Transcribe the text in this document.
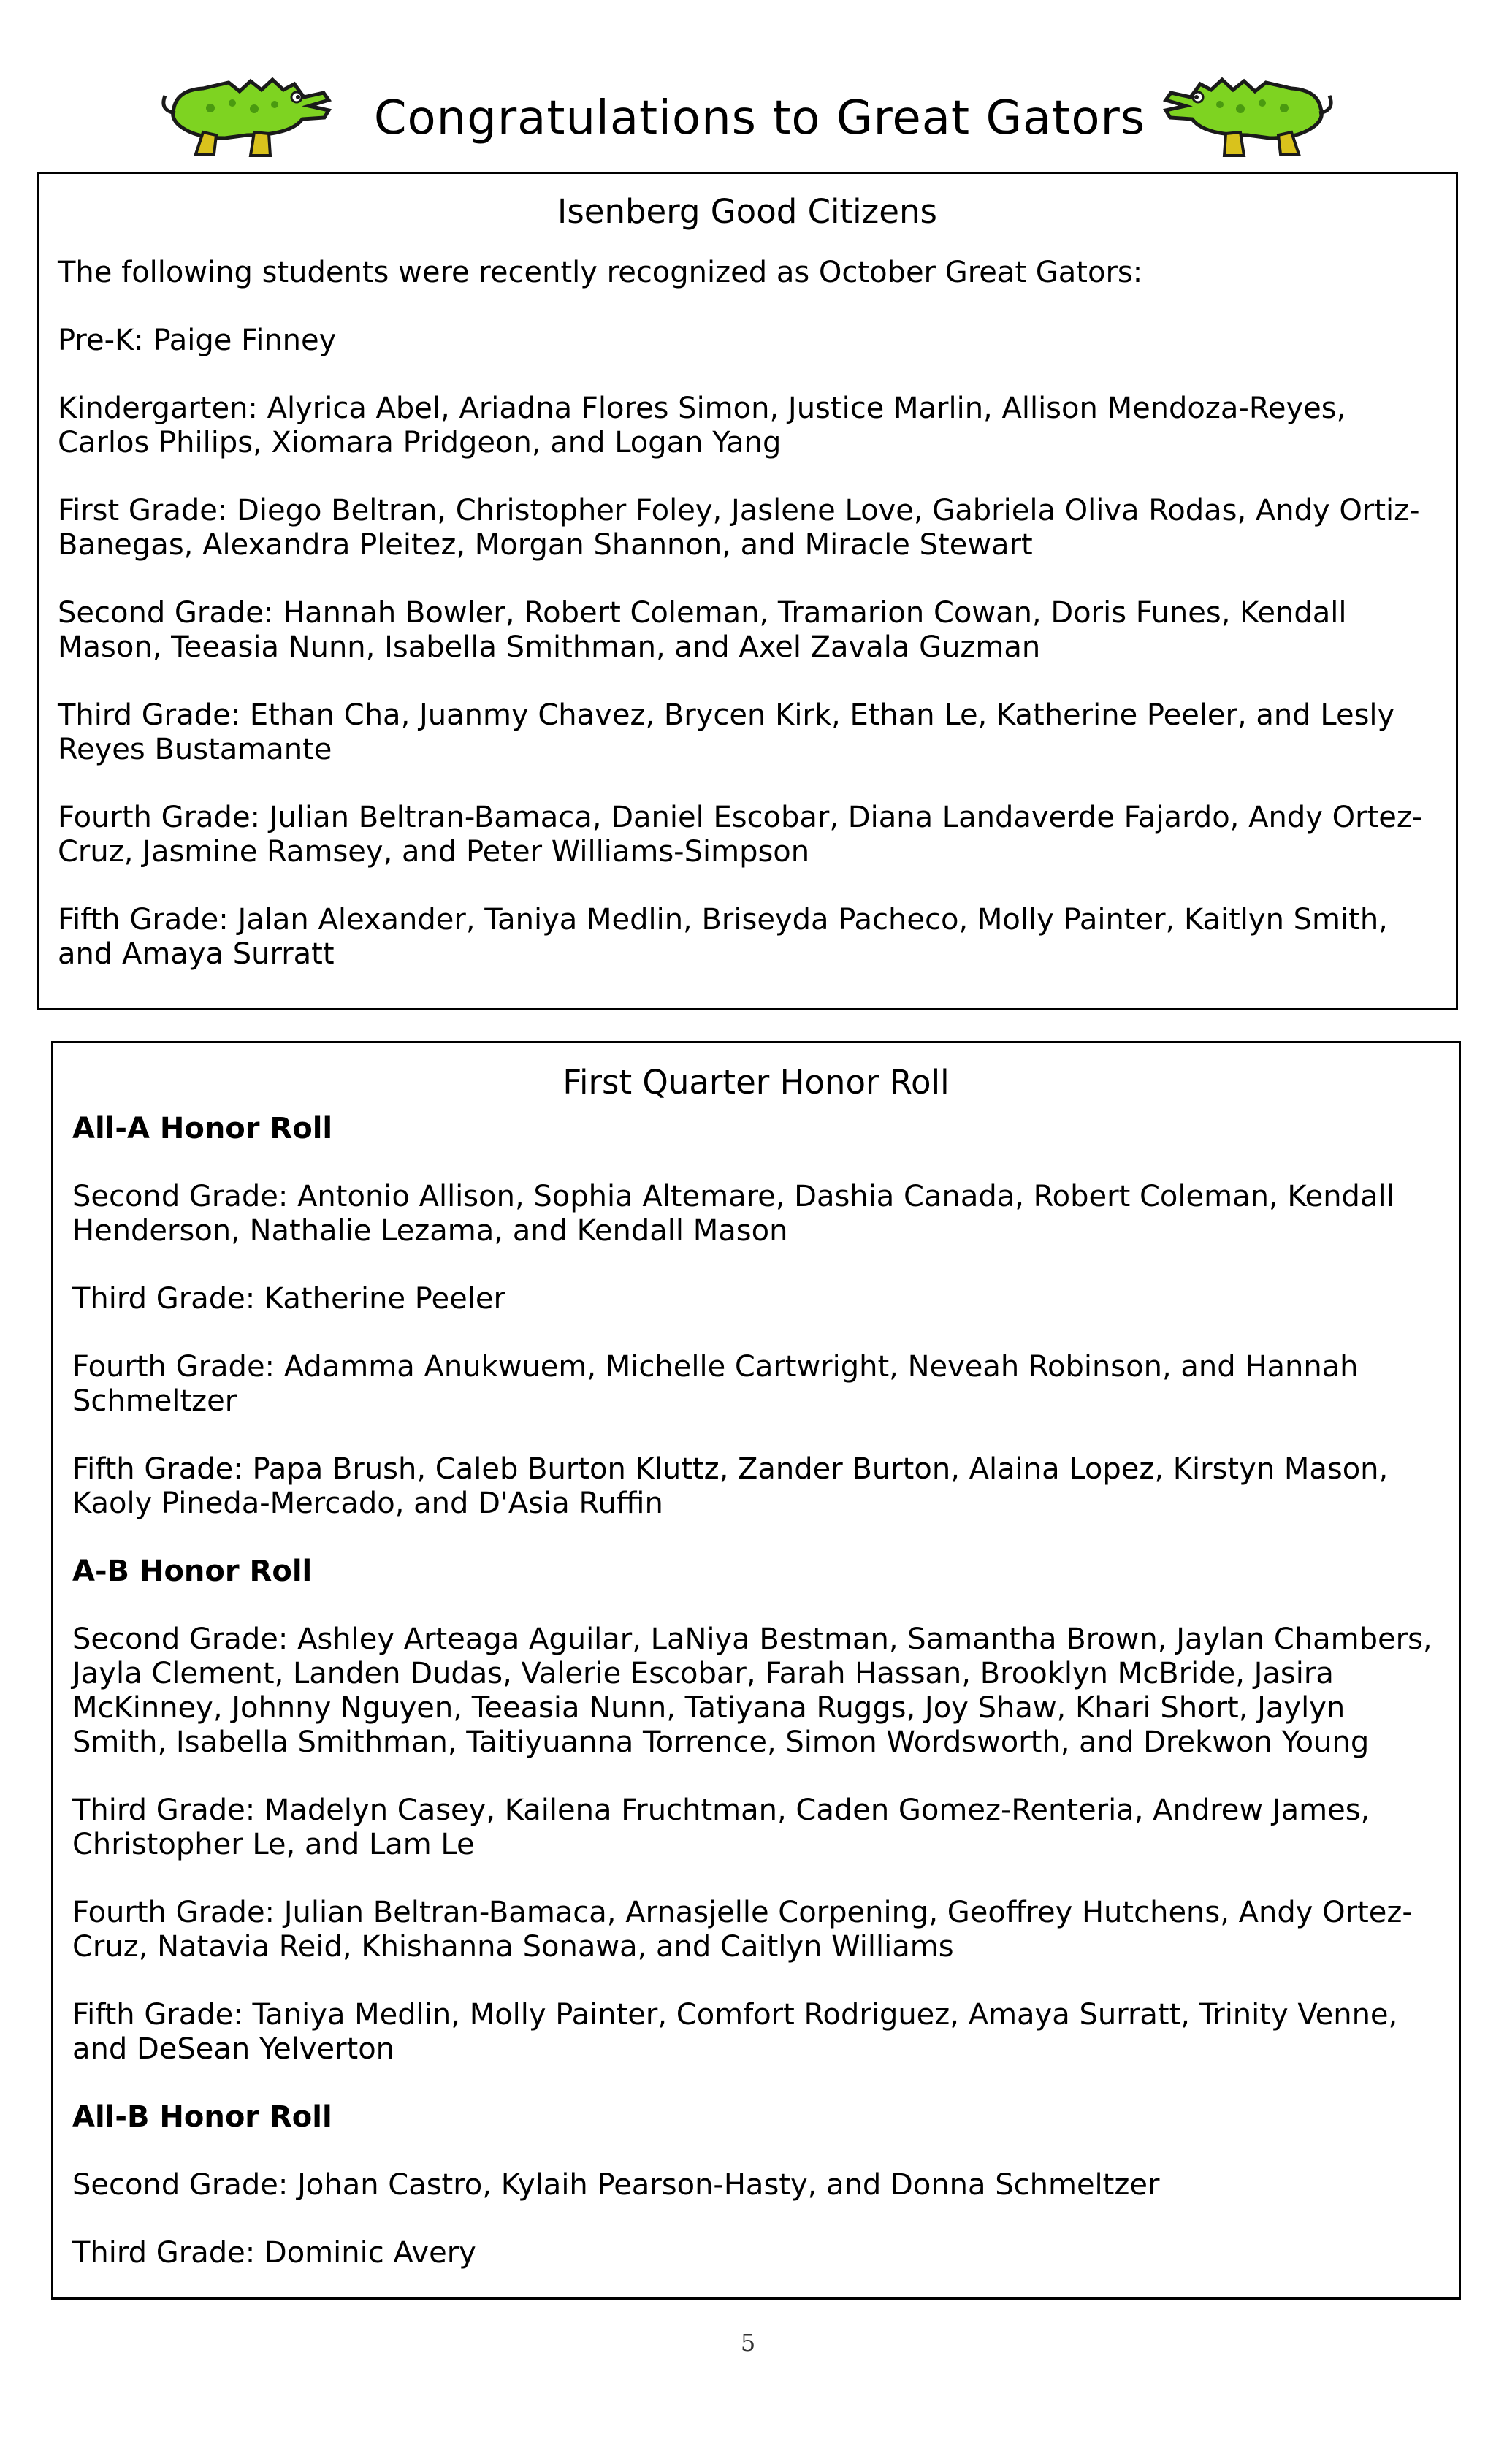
Congratulations to Great Gators
Isenberg Good Citizens

The following students were recently recognized as October Great Gators:

Pre-K: Paige Finney

Kindergarten: Alyrica Abel, Ariadna Flores Simon, Justice Marlin, Allison Mendoza-Reyes, Carlos Philips, Xiomara Pridgeon, and Logan Yang

First Grade: Diego Beltran, Christopher Foley, Jaslene Love, Gabriela Oliva Rodas, Andy Ortiz-Banegas, Alexandra Pleitez, Morgan Shannon, and Miracle Stewart

Second Grade: Hannah Bowler, Robert Coleman, Tramarion Cowan, Doris Funes, Kendall Mason, Teeasia Nunn, Isabella Smithman, and Axel Zavala Guzman

Third Grade: Ethan Cha, Juanmy Chavez, Brycen Kirk, Ethan Le, Katherine Peeler, and Lesly Reyes Bustamante

Fourth Grade: Julian Beltran-Bamaca, Daniel Escobar, Diana Landaverde Fajardo, Andy Ortez-Cruz, Jasmine Ramsey, and Peter Williams-Simpson

Fifth Grade: Jalan Alexander, Taniya Medlin, Briseyda Pacheco, Molly Painter, Kaitlyn Smith, and Amaya Surratt

First Quarter Honor Roll
All-A Honor Roll

Second Grade: Antonio Allison, Sophia Altemare, Dashia Canada, Robert Coleman, Kendall Henderson, Nathalie Lezama, and Kendall Mason

Third Grade: Katherine Peeler

Fourth Grade: Adamma Anukwuem, Michelle Cartwright, Neveah Robinson, and Hannah Schmeltzer

Fifth Grade: Papa Brush, Caleb Burton Kluttz, Zander Burton, Alaina Lopez, Kirstyn Mason, Kaoly Pineda-Mercado, and D'Asia Ruffin

A-B Honor Roll

Second Grade: Ashley Arteaga Aguilar, LaNiya Bestman, Samantha Brown, Jaylan Chambers, Jayla Clement, Landen Dudas, Valerie Escobar, Farah Hassan, Brooklyn McBride, Jasira McKinney, Johnny Nguyen, Teeasia Nunn, Tatiyana Ruggs, Joy Shaw, Khari Short, Jaylyn Smith, Isabella Smithman, Taitiyuanna Torrence, Simon Wordsworth, and Drekwon Young

Third Grade: Madelyn Casey, Kailena Fruchtman, Caden Gomez-Renteria, Andrew James, Christopher Le, and Lam Le

Fourth Grade: Julian Beltran-Bamaca, Arnasjelle Corpening, Geoffrey Hutchens, Andy Ortez-Cruz, Natavia Reid, Khishanna Sonawa, and Caitlyn Williams

Fifth Grade: Taniya Medlin, Molly Painter, Comfort Rodriguez, Amaya Surratt, Trinity Venne, and DeSean Yelverton

All-B Honor Roll

Second Grade: Johan Castro, Kylaih Pearson-Hasty, and Donna Schmeltzer

Third Grade: Dominic Avery

5
